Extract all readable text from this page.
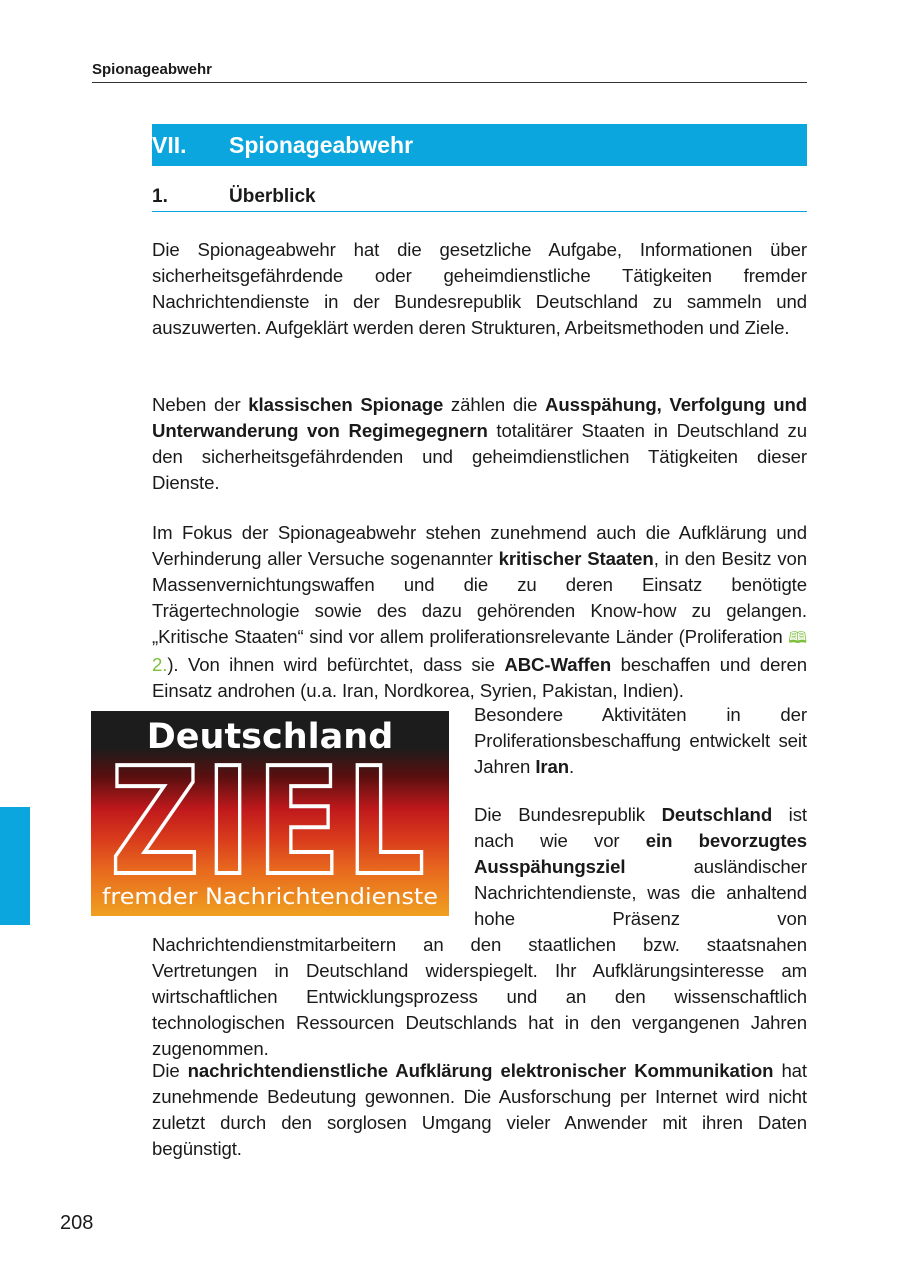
Spionageabwehr
VII.	Spionageabwehr
1.	Überblick

Die Spionageabwehr hat die gesetzliche Aufgabe, Informationen über sicherheitsgefährdende oder geheimdienstliche Tätigkeiten fremder Nachrichtendienste in der Bundesrepublik Deutschland zu sammeln und auszuwerten. Aufgeklärt werden deren Strukturen, Arbeitsmethoden und Ziele.

Neben der klassischen Spionage zählen die Ausspähung, Verfolgung und Unterwanderung von Regimegegnern totalitärer Staaten in Deutschland zu den sicherheitsgefährdenden und geheimdienstlichen Tätigkeiten dieser Dienste.

Im Fokus der Spionageabwehr stehen zunehmend auch die Aufklärung und Verhinderung aller Versuche sogenannter kritischer Staaten, in den Besitz von Massenvernichtungswaffen und die zu deren Einsatz benötigte Trägertechnologie sowie des dazu gehörenden Know-how zu gelangen. „Kritische Staaten“ sind vor allem proliferationsrelevante Länder (Proliferation 🕮 2.). Von ihnen wird befürchtet, dass sie ABC-Waffen beschaffen und deren Einsatz androhen (u.a. Iran, Nordkorea, Syrien, Pakistan, Indien).

Deutschland
ZIEL
fremder Nachrichtendienste

Besondere Aktivitäten in der Proliferationsbeschaffung entwickelt seit Jahren Iran.

Die Bundesrepublik Deutschland ist nach wie vor ein bevorzugtes Ausspähungsziel ausländischer Nachrichtendienste, was die anhaltend hohe Präsenz von Nachrichtendienstmitarbeitern an den staatlichen bzw. staatsnahen Vertretungen in Deutschland widerspiegelt. Ihr Aufklärungsinteresse am wirtschaftlichen Entwicklungsprozess und an den wissenschaftlich technologischen Ressourcen Deutschlands hat in den vergangenen Jahren zugenommen.

Die nachrichtendienstliche Aufklärung elektronischer Kommunikation hat zunehmende Bedeutung gewonnen. Die Ausforschung per Internet wird nicht zuletzt durch den sorglosen Umgang vieler Anwender mit ihren Daten begünstigt.

208
